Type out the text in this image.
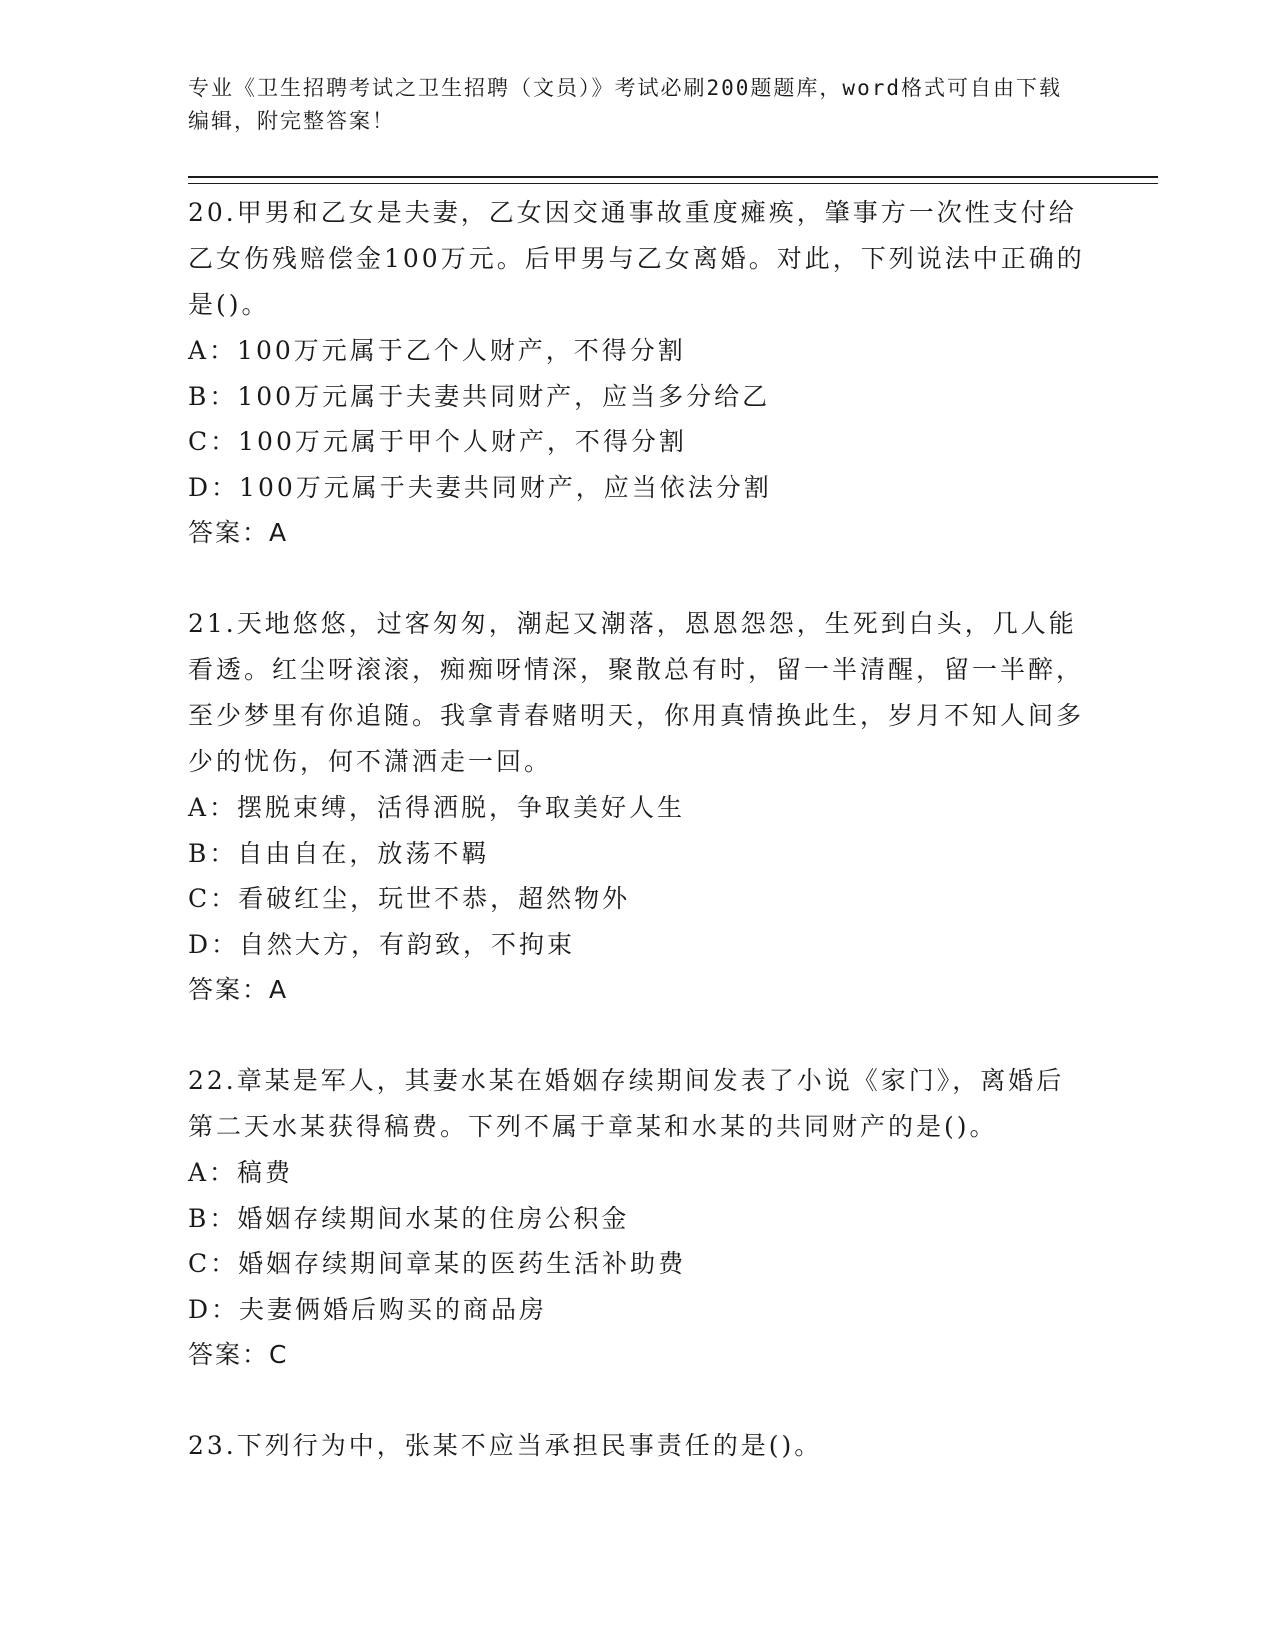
专业《卫生招聘考试之卫生招聘（文员）》考试必刷200题题库，word格式可自由下载编辑，附完整答案！

20.甲男和乙女是夫妻，乙女因交通事故重度瘫痪，肇事方一次性支付给乙女伤残赔偿金100万元。后甲男与乙女离婚。对此，下列说法中正确的是()。

A：100万元属于乙个人财产，不得分割

B：100万元属于夫妻共同财产，应当多分给乙

C：100万元属于甲个人财产，不得分割

D：100万元属于夫妻共同财产，应当依法分割

答案：A

21.天地悠悠，过客匆匆，潮起又潮落，恩恩怨怨，生死到白头，几人能看透。红尘呀滚滚，痴痴呀情深，聚散总有时，留一半清醒，留一半醉，至少梦里有你追随。我拿青春赌明天，你用真情换此生，岁月不知人间多少的忧伤，何不潇洒走一回。

A：摆脱束缚，活得洒脱，争取美好人生

B：自由自在，放荡不羁

C：看破红尘，玩世不恭，超然物外

D：自然大方，有韵致，不拘束

答案：A

22.章某是军人，其妻水某在婚姻存续期间发表了小说《家门》，离婚后第二天水某获得稿费。下列不属于章某和水某的共同财产的是()。

A：稿费

B：婚姻存续期间水某的住房公积金

C：婚姻存续期间章某的医药生活补助费

D：夫妻俩婚后购买的商品房

答案：C

23.下列行为中，张某不应当承担民事责任的是()。
